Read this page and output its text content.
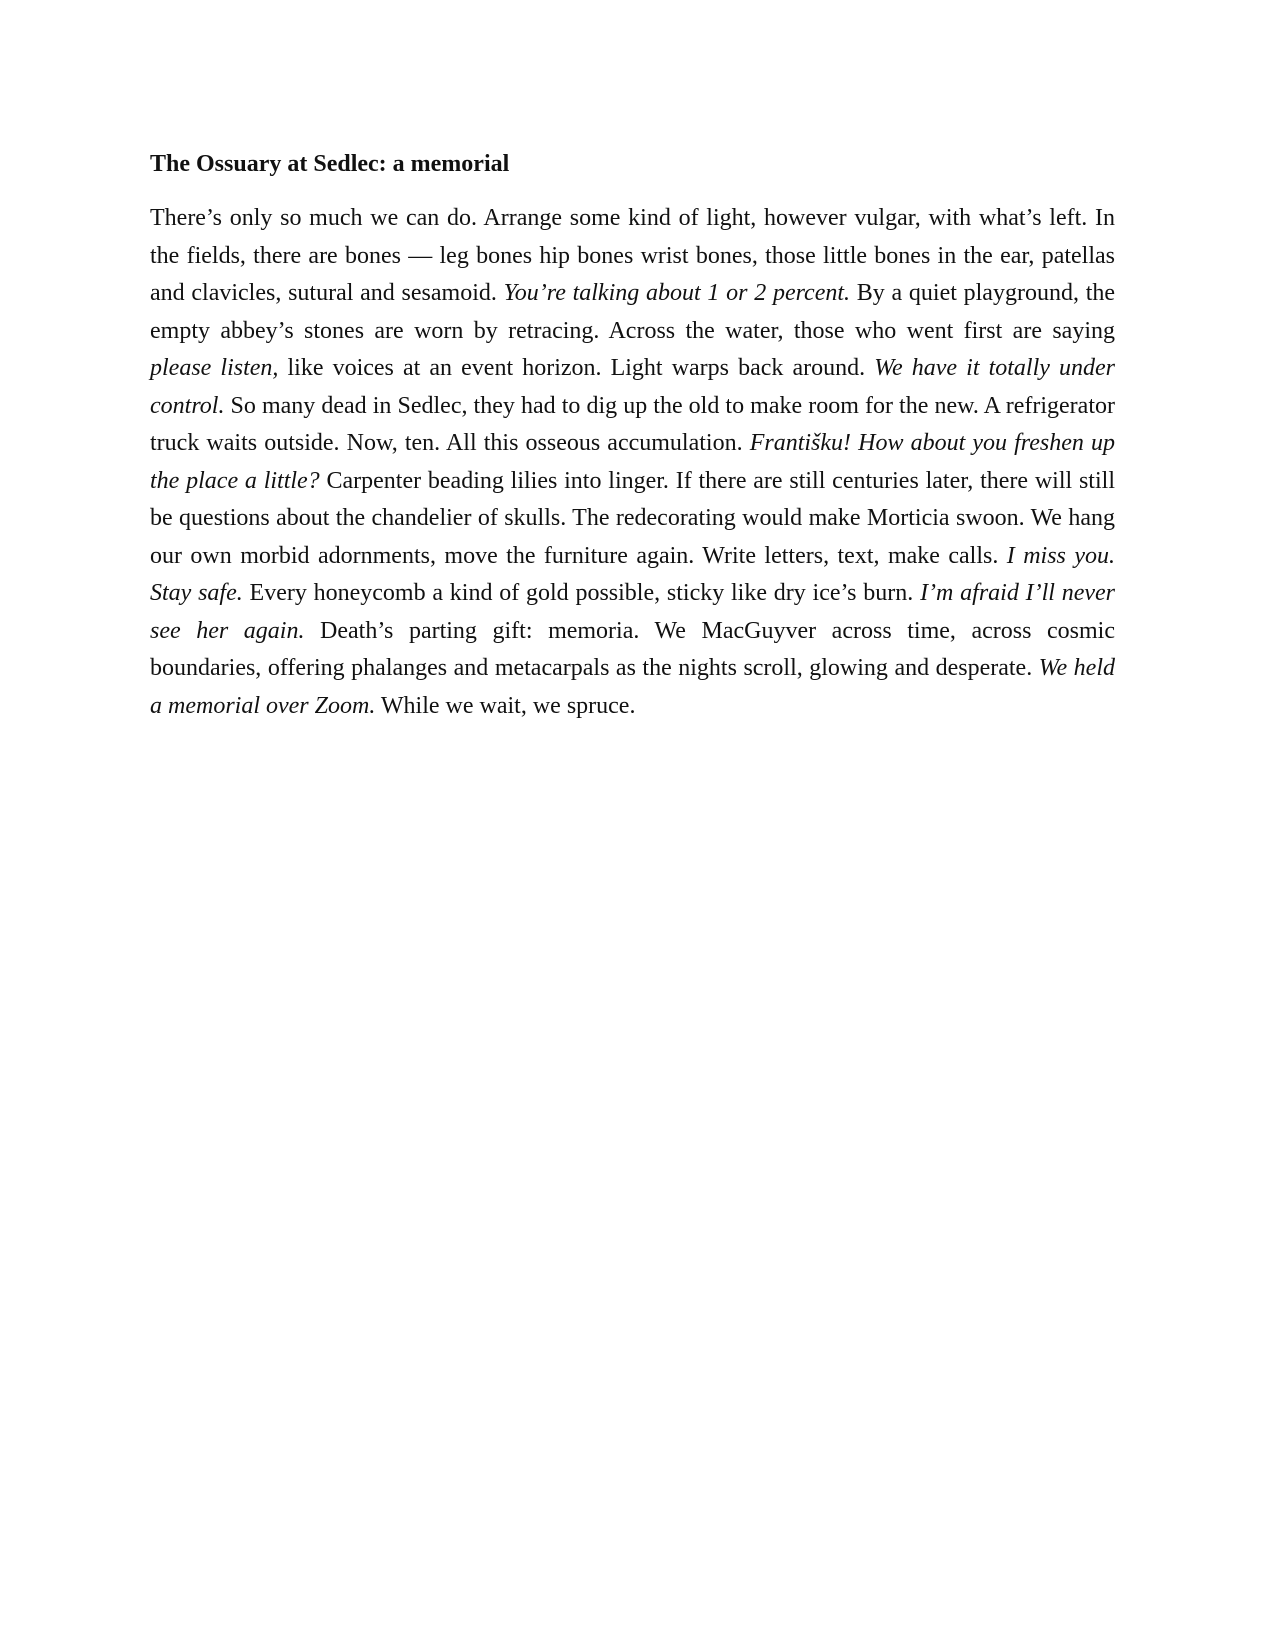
The Ossuary at Sedlec: a memorial

There’s only so much we can do. Arrange some kind of light, however vulgar, with what’s left. In the fields, there are bones — leg bones hip bones wrist bones, those little bones in the ear, patellas and clavicles, sutural and sesamoid. You’re talking about 1 or 2 percent. By a quiet playground, the empty abbey’s stones are worn by retracing. Across the water, those who went first are saying please listen, like voices at an event horizon. Light warps back around. We have it totally under control. So many dead in Sedlec, they had to dig up the old to make room for the new. A refrigerator truck waits outside. Now, ten. All this osseous accumulation. Františku! How about you freshen up the place a little? Carpenter beading lilies into linger. If there are still centuries later, there will still be questions about the chandelier of skulls. The redecorating would make Morticia swoon. We hang our own morbid adornments, move the furniture again. Write letters, text, make calls. I miss you. Stay safe. Every honeycomb a kind of gold possible, sticky like dry ice’s burn. I’m afraid I’ll never see her again. Death’s parting gift: memoria. We MacGuyver across time, across cosmic boundaries, offering phalanges and metacarpals as the nights scroll, glowing and desperate. We held a memorial over Zoom. While we wait, we spruce.
